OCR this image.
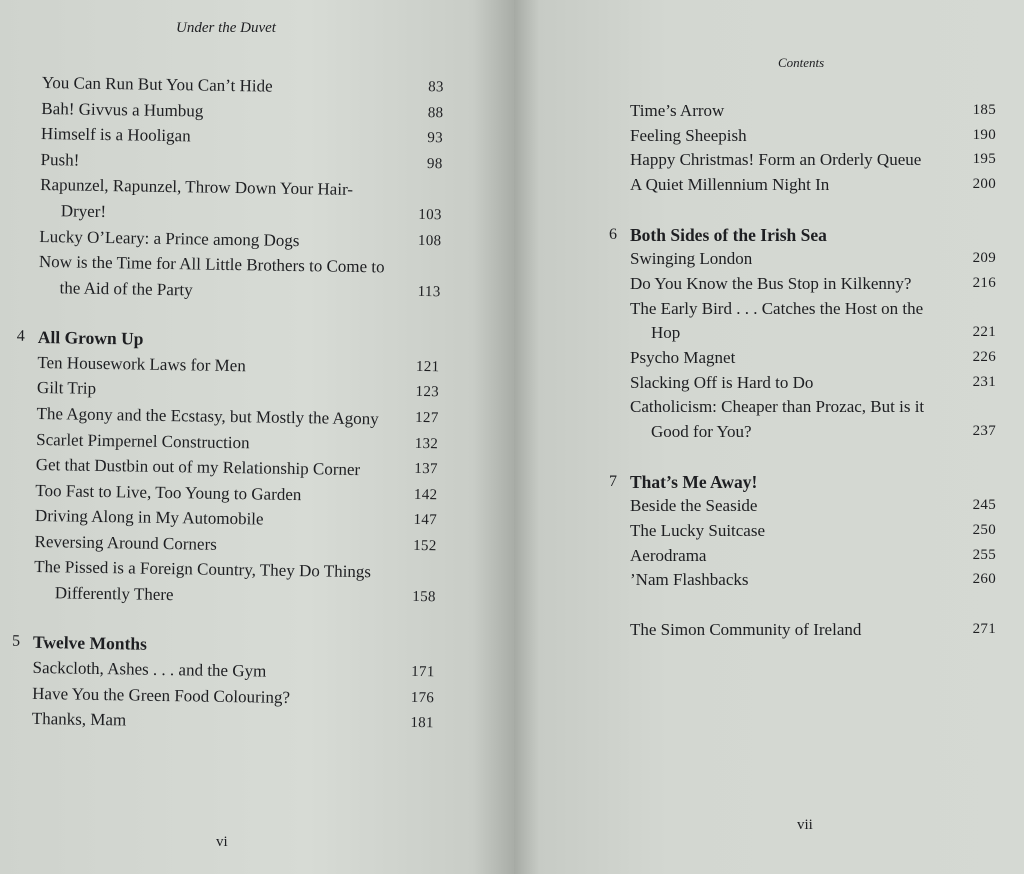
Under the Duvet
You Can Run But You Can’t Hide	83
Bah! Givvus a Humbug	88
Himself is a Hooligan	93
Push!	98
Rapunzel, Rapunzel, Throw Down Your Hair-Dryer!	103
Lucky O’Leary: a Prince among Dogs	108
Now is the Time for All Little Brothers to Come to the Aid of the Party	113
4 All Grown Up
Ten Housework Laws for Men	121
Gilt Trip	123
The Agony and the Ecstasy, but Mostly the Agony	127
Scarlet Pimpernel Construction	132
Get that Dustbin out of my Relationship Corner	137
Too Fast to Live, Too Young to Garden	142
Driving Along in My Automobile	147
Reversing Around Corners	152
The Pissed is a Foreign Country, They Do Things Differently There	158
5 Twelve Months
Sackcloth, Ashes . . . and the Gym	171
Have You the Green Food Colouring?	176
Thanks, Mam	181

vi

Contents
Time’s Arrow	185
Feeling Sheepish	190
Happy Christmas! Form an Orderly Queue	195
A Quiet Millennium Night In	200
6 Both Sides of the Irish Sea
Swinging London	209
Do You Know the Bus Stop in Kilkenny?	216
The Early Bird . . . Catches the Host on the Hop	221
Psycho Magnet	226
Slacking Off is Hard to Do	231
Catholicism: Cheaper than Prozac, But is it Good for You?	237
7 That’s Me Away!
Beside the Seaside	245
The Lucky Suitcase	250
Aerodrama	255
’Nam Flashbacks	260
The Simon Community of Ireland	271

vii
